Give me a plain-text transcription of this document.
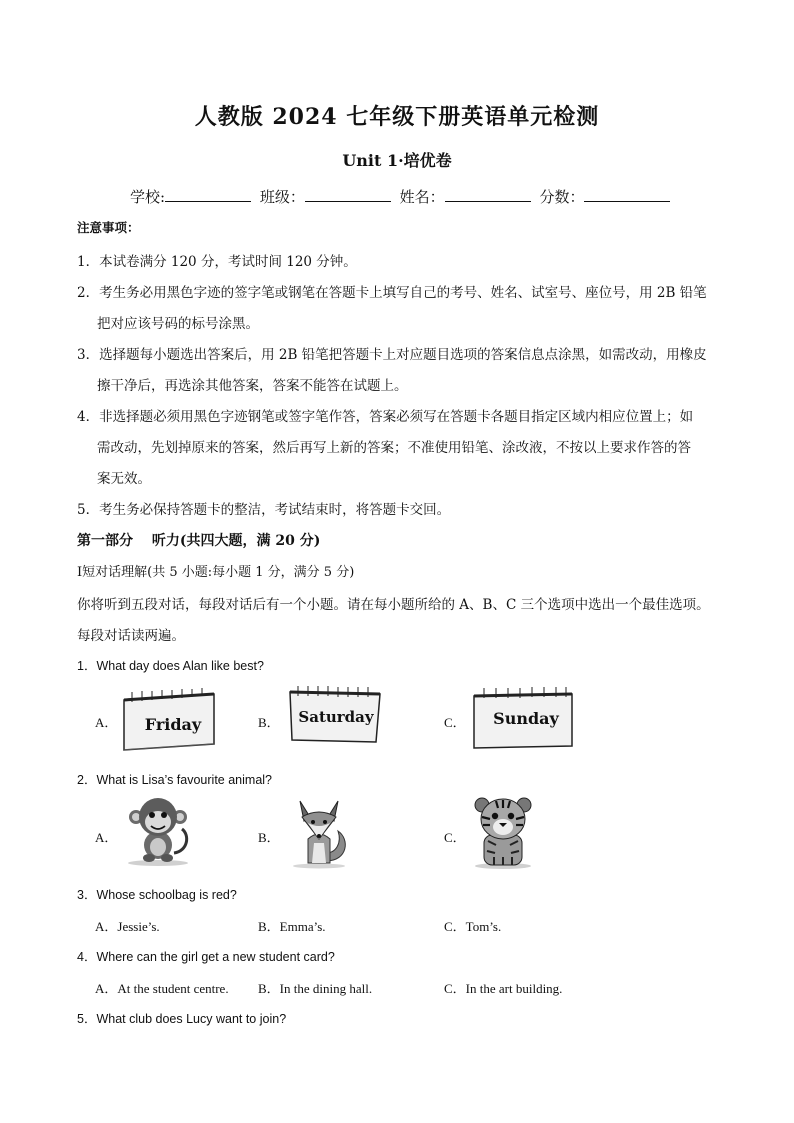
人教版 2024 七年级下册英语单元检测
Unit 1·培优卷
学校:	班级：	姓名：	分数：
注意事项：
1．本试卷满分 120 分，考试时间 120 分钟。
2．考生务必用黑色字迹的签字笔或钢笔在答题卡上填写自己的考号、姓名、试室号、座位号，用 2B 铅笔
把对应该号码的标号涂黑。
3．选择题每小题选出答案后，用 2B 铅笔把答题卡上对应题目选项的答案信息点涂黑，如需改动，用橡皮
擦干净后，再选涂其他答案，答案不能答在试题上。
4．非选择题必须用黑色字迹钢笔或签字笔作答，答案必须写在答题卡各题目指定区域内相应位置上；如
需改动，先划掉原来的答案，然后再写上新的答案；不准使用铅笔、涂改液，不按以上要求作答的答
案无效。
5．考生务必保持答题卡的整洁，考试结束时，将答题卡交回。
第一部分　 听力(共四大题，满 20 分)
Ⅰ短对话理解(共 5 小题:每小题 1 分，满分 5 分)
你将听到五段对话，每段对话后有一个小题。请在每小题所给的 A、B、C 三个选项中选出一个最佳选项。
每段对话读两遍。
1．What day does Alan like best?
A．	B．	C．
Friday	Saturday	Sunday
2．What is Lisa’s favourite animal?
A．	B．	C．
3．Whose schoolbag is red?
A．Jessie’s.	B．Emma’s.	C．Tom’s.
4．Where can the girl get a new student card?
A．At the student centre. B．In the dining hall.	C．In the art building.
5．What club does Lucy want to join?
